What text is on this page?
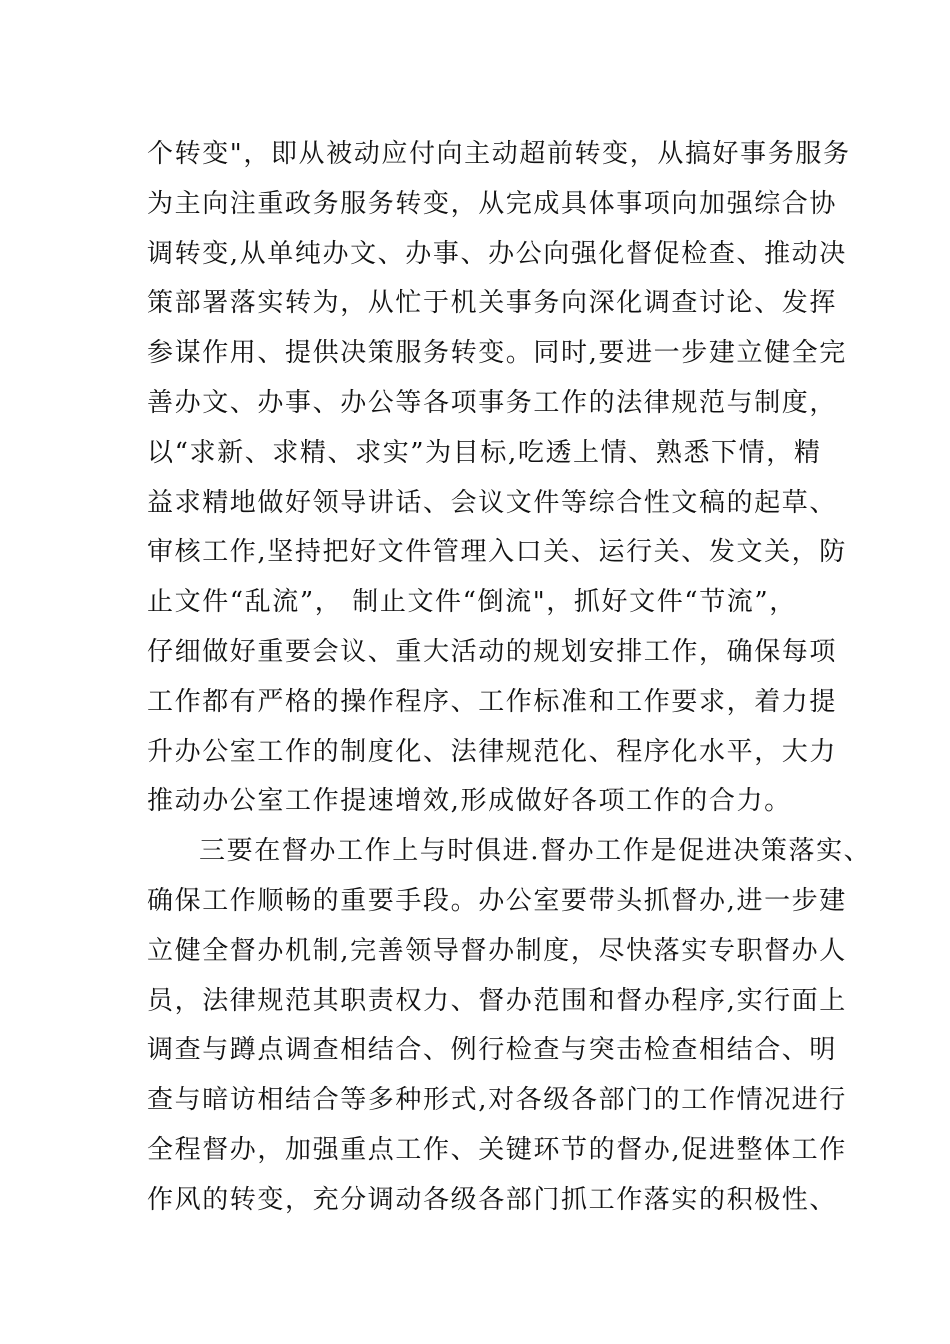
个转变"，即从被动应付向主动超前转变，从搞好事务服务
为主向注重政务服务转变，从完成具体事项向加强综合协
调转变,从单纯办文、办事、办公向强化督促检查、推动决
策部署落实转为，从忙于机关事务向深化调查讨论、发挥
参谋作用、提供决策服务转变。同时,要进一步建立健全完
善办文、办事、办公等各项事务工作的法律规范与制度，
以“求新、求精、求实”为目标,吃透上情、熟悉下情，精
益求精地做好领导讲话、会议文件等综合性文稿的起草、
审核工作,坚持把好文件管理入口关、运行关、发文关，防
止文件“乱流”， 制止文件“倒流"，抓好文件“节流”，
仔细做好重要会议、重大活动的规划安排工作，确保每项
工作都有严格的操作程序、工作标准和工作要求，着力提
升办公室工作的制度化、法律规范化、程序化水平，大力
推动办公室工作提速增效,形成做好各项工作的合力。
三要在督办工作上与时俱进.督办工作是促进决策落实、
确保工作顺畅的重要手段。办公室要带头抓督办,进一步建
立健全督办机制,完善领导督办制度，尽快落实专职督办人
员，法律规范其职责权力、督办范围和督办程序,实行面上
调查与蹲点调查相结合、例行检查与突击检查相结合、明
查与暗访相结合等多种形式,对各级各部门的工作情况进行
全程督办，加强重点工作、关键环节的督办,促进整体工作
作风的转变，充分调动各级各部门抓工作落实的积极性、
